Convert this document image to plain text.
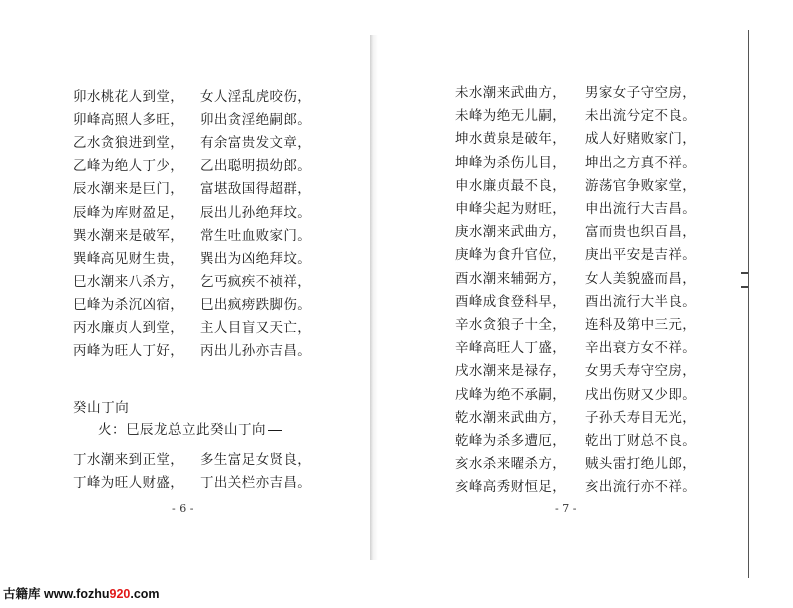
卯水桃花人到堂， 女人淫乱虎咬伤，
卯峰高照人多旺， 卯出贪淫绝嗣郎。
乙水贪狼进到堂， 有余富贵发文章，
乙峰为绝人丁少， 乙出聪明损幼郎。
辰水潮来是巨门， 富堪敌国得超群，
辰峰为库财盈足， 辰出儿孙绝拜坟。
巽水潮来是破军， 常生吐血败家门。
巽峰高见财生贵， 巽出为凶绝拜坟。
巳水潮来八杀方， 乞丐疯疾不祯祥，
巳峰为杀沉凶宿， 巳出疯痨跌脚伤。
丙水廉贞人到堂， 主人目盲又天亡，
丙峰为旺人丁好， 丙出儿孙亦吉昌。
癸山丁向
火：巳辰龙总立此癸山丁向
丁水潮来到正堂， 多生富足女贤良，
丁峰为旺人财盛， 丁出关栏亦吉昌。
- 6 -
未水潮来武曲方， 男家女子守空房，
未峰为绝无儿嗣， 未出流兮定不良。
坤水黄泉是破年， 成人好赌败家门，
坤峰为杀伤儿目， 坤出之方真不祥。
申水廉贞最不良， 游荡官争败家堂，
申峰尖起为财旺， 申出流行大吉昌。
庚水潮来武曲方， 富而贵也织百昌，
庚峰为食升官位， 庚出平安是吉祥。
酉水潮来辅弼方， 女人美貌盛而昌，
酉峰成食登科早， 酉出流行大半良。
辛水贪狼子十全， 连科及第中三元，
辛峰高旺人丁盛， 辛出衰方女不祥。
戌水潮来是禄存， 女男夭寿守空房，
戌峰为绝不承嗣， 戌出伤财又少即。
乾水潮来武曲方， 子孙夭寿目无光，
乾峰为杀多遭厄， 乾出丁财总不良。
亥水杀来曜杀方， 贼头雷打绝儿郎，
亥峰高秀财恒足， 亥出流行亦不祥。
- 7 -
古籍库 www.fozhu920.com
